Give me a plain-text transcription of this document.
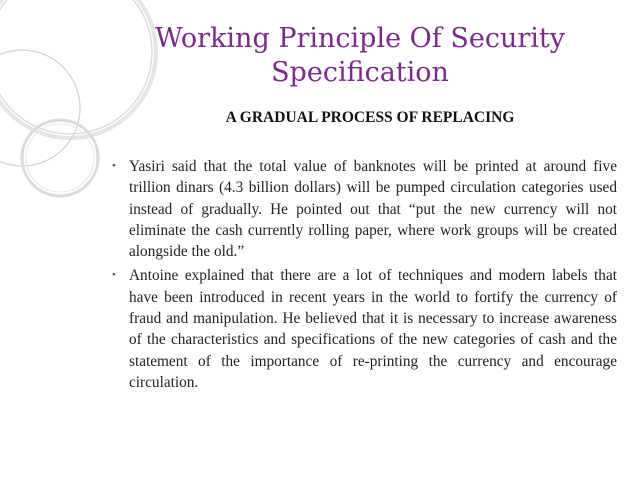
Working Principle Of Security
Specification

A GRADUAL PROCESS OF REPLACING

• Yasiri said that the total value of banknotes will be printed at around five trillion dinars (4.3 billion dollars) will be pumped circulation categories used instead of gradually. He pointed out that “put the new currency will not eliminate the cash currently rolling paper, where work groups will be created alongside the old.”
• Antoine explained that there are a lot of techniques and modern labels that have been introduced in recent years in the world to fortify the currency of fraud and manipulation. He believed that it is necessary to increase awareness of the characteristics and specifications of the new categories of cash and the statement of the importance of re-printing the currency and encourage circulation.
